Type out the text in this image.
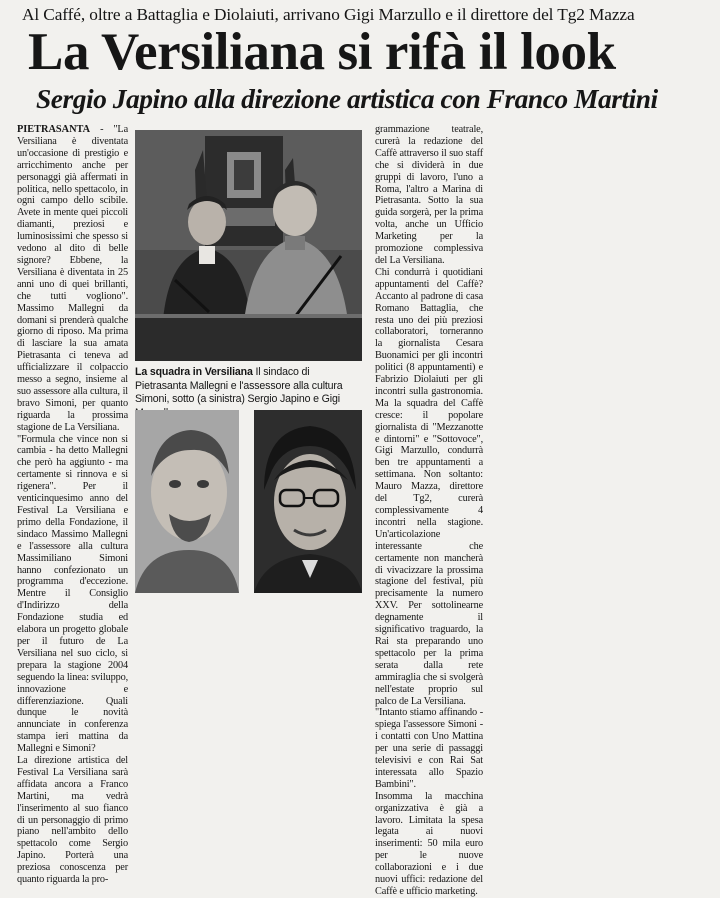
Al Caffé, oltre a Battaglia e Diolaiuti, arrivano Gigi Marzullo e il direttore del Tg2 Mazza
La Versiliana si rifà il look
Sergio Japino alla direzione artistica con Franco Martini

PIETRASANTA - "La Versiliana è diventata un'occasione di prestigio e arricchimento anche per personaggi già affermati in politica, nello spettacolo, in ogni campo dello scibile. Avete in mente quei piccoli diamanti, preziosi e luminosissimi che spesso si vedono al dito di belle signore? Ebbene, la Versiliana è diventata in 25 anni uno di quei brillanti, che tutti vogliono". Massimo Mallegni da domani si prenderà qualche giorno di riposo. Ma prima di lasciare la sua amata Pietrasanta ci teneva ad ufficializzare il colpaccio messo a segno, insieme al suo assessore alla cultura, il bravo Simoni, per quanto riguarda la prossima stagione de La Versiliana.

"Formula che vince non si cambia - ha detto Mallegni che però ha aggiunto - ma certamente si rinnova e si rigenera". Per il venticinquesimo anno del Festival La Versiliana e primo della Fondazione, il sindaco Massimo Mallegni e l'assessore alla cultura Massimiliano Simoni hanno confezionato un programma d'eccezione. Mentre il Consiglio d'Indirizzo della Fondazione studia ed elabora un progetto globale per il futuro de La Versiliana nel suo ciclo, si prepara la stagione 2004 seguendo la linea: sviluppo, innovazione e differenziazione. Quali dunque le novità annunciate in conferenza stampa ieri mattina da Mallegni e Simoni?

La direzione artistica del Festival La Versiliana sarà affidata ancora a Franco Martini, ma vedrà l'inserimento al suo fianco di un personaggio di primo piano nell'ambito dello spettacolo come Sergio Japino. Porterà una preziosa conoscenza per quanto riguarda la pro-

La squadra in Versiliana Il sindaco di Pietrasanta Mallegni e l'assessore alla cultura Simoni, sotto (a sinistra) Sergio Japino e Gigi

grammazione teatrale, curerà la redazione del Caffè attraverso il suo staff che si dividerà in due gruppi di lavoro, l'uno a Roma, l'altro a Marina di Pietrasanta. Sotto la sua guida sorgerà, per la prima volta, anche un Ufficio Marketing per la promozione complessiva del La Versiliana.

Chi condurrà i quotidiani appuntamenti del Caffè? Accanto al padrone di casa Romano Battaglia, che resta uno dei più preziosi collaboratori, torneranno la giornalista Cesara Buonamici per gli incontri politici (8 appuntamenti) e Fabrizio Diolaiuti per gli incontri sulla gastronomia. Ma la squadra del Caffè cresce: il popolare giornalista di "Mezzanotte e dintorni" e "Sottovoce", Gigi Marzullo, condurrà ben tre appuntamenti a settimana. Non soltanto: Mauro Mazza, direttore del Tg2, curerà complessivamente 4 incontri nella stagione. Un'articolazione interessante che certamente non mancherà di vivacizzare la prossima stagione del festival, più precisamente la numero XXV. Per sottolinearne degnamente il significativo traguardo, la Rai sta preparando uno spettacolo per la prima serata dalla rete ammiraglia che si svolgerà nell'estate proprio sul palco de La Versiliana.

"Intanto stiamo affinando - spiega l'assessore Simoni - i contatti con Uno Mattina per una serie di passaggi televisivi e con Rai Sat interessata allo Spazio Bambini".

Insomma la macchina organizzativa è già a lavoro. Limitata la spesa legata ai nuovi inserimenti: 50 mila euro per le nuove collaborazioni e i due nuovi uffici: redazione del Caffè e ufficio marketing.
